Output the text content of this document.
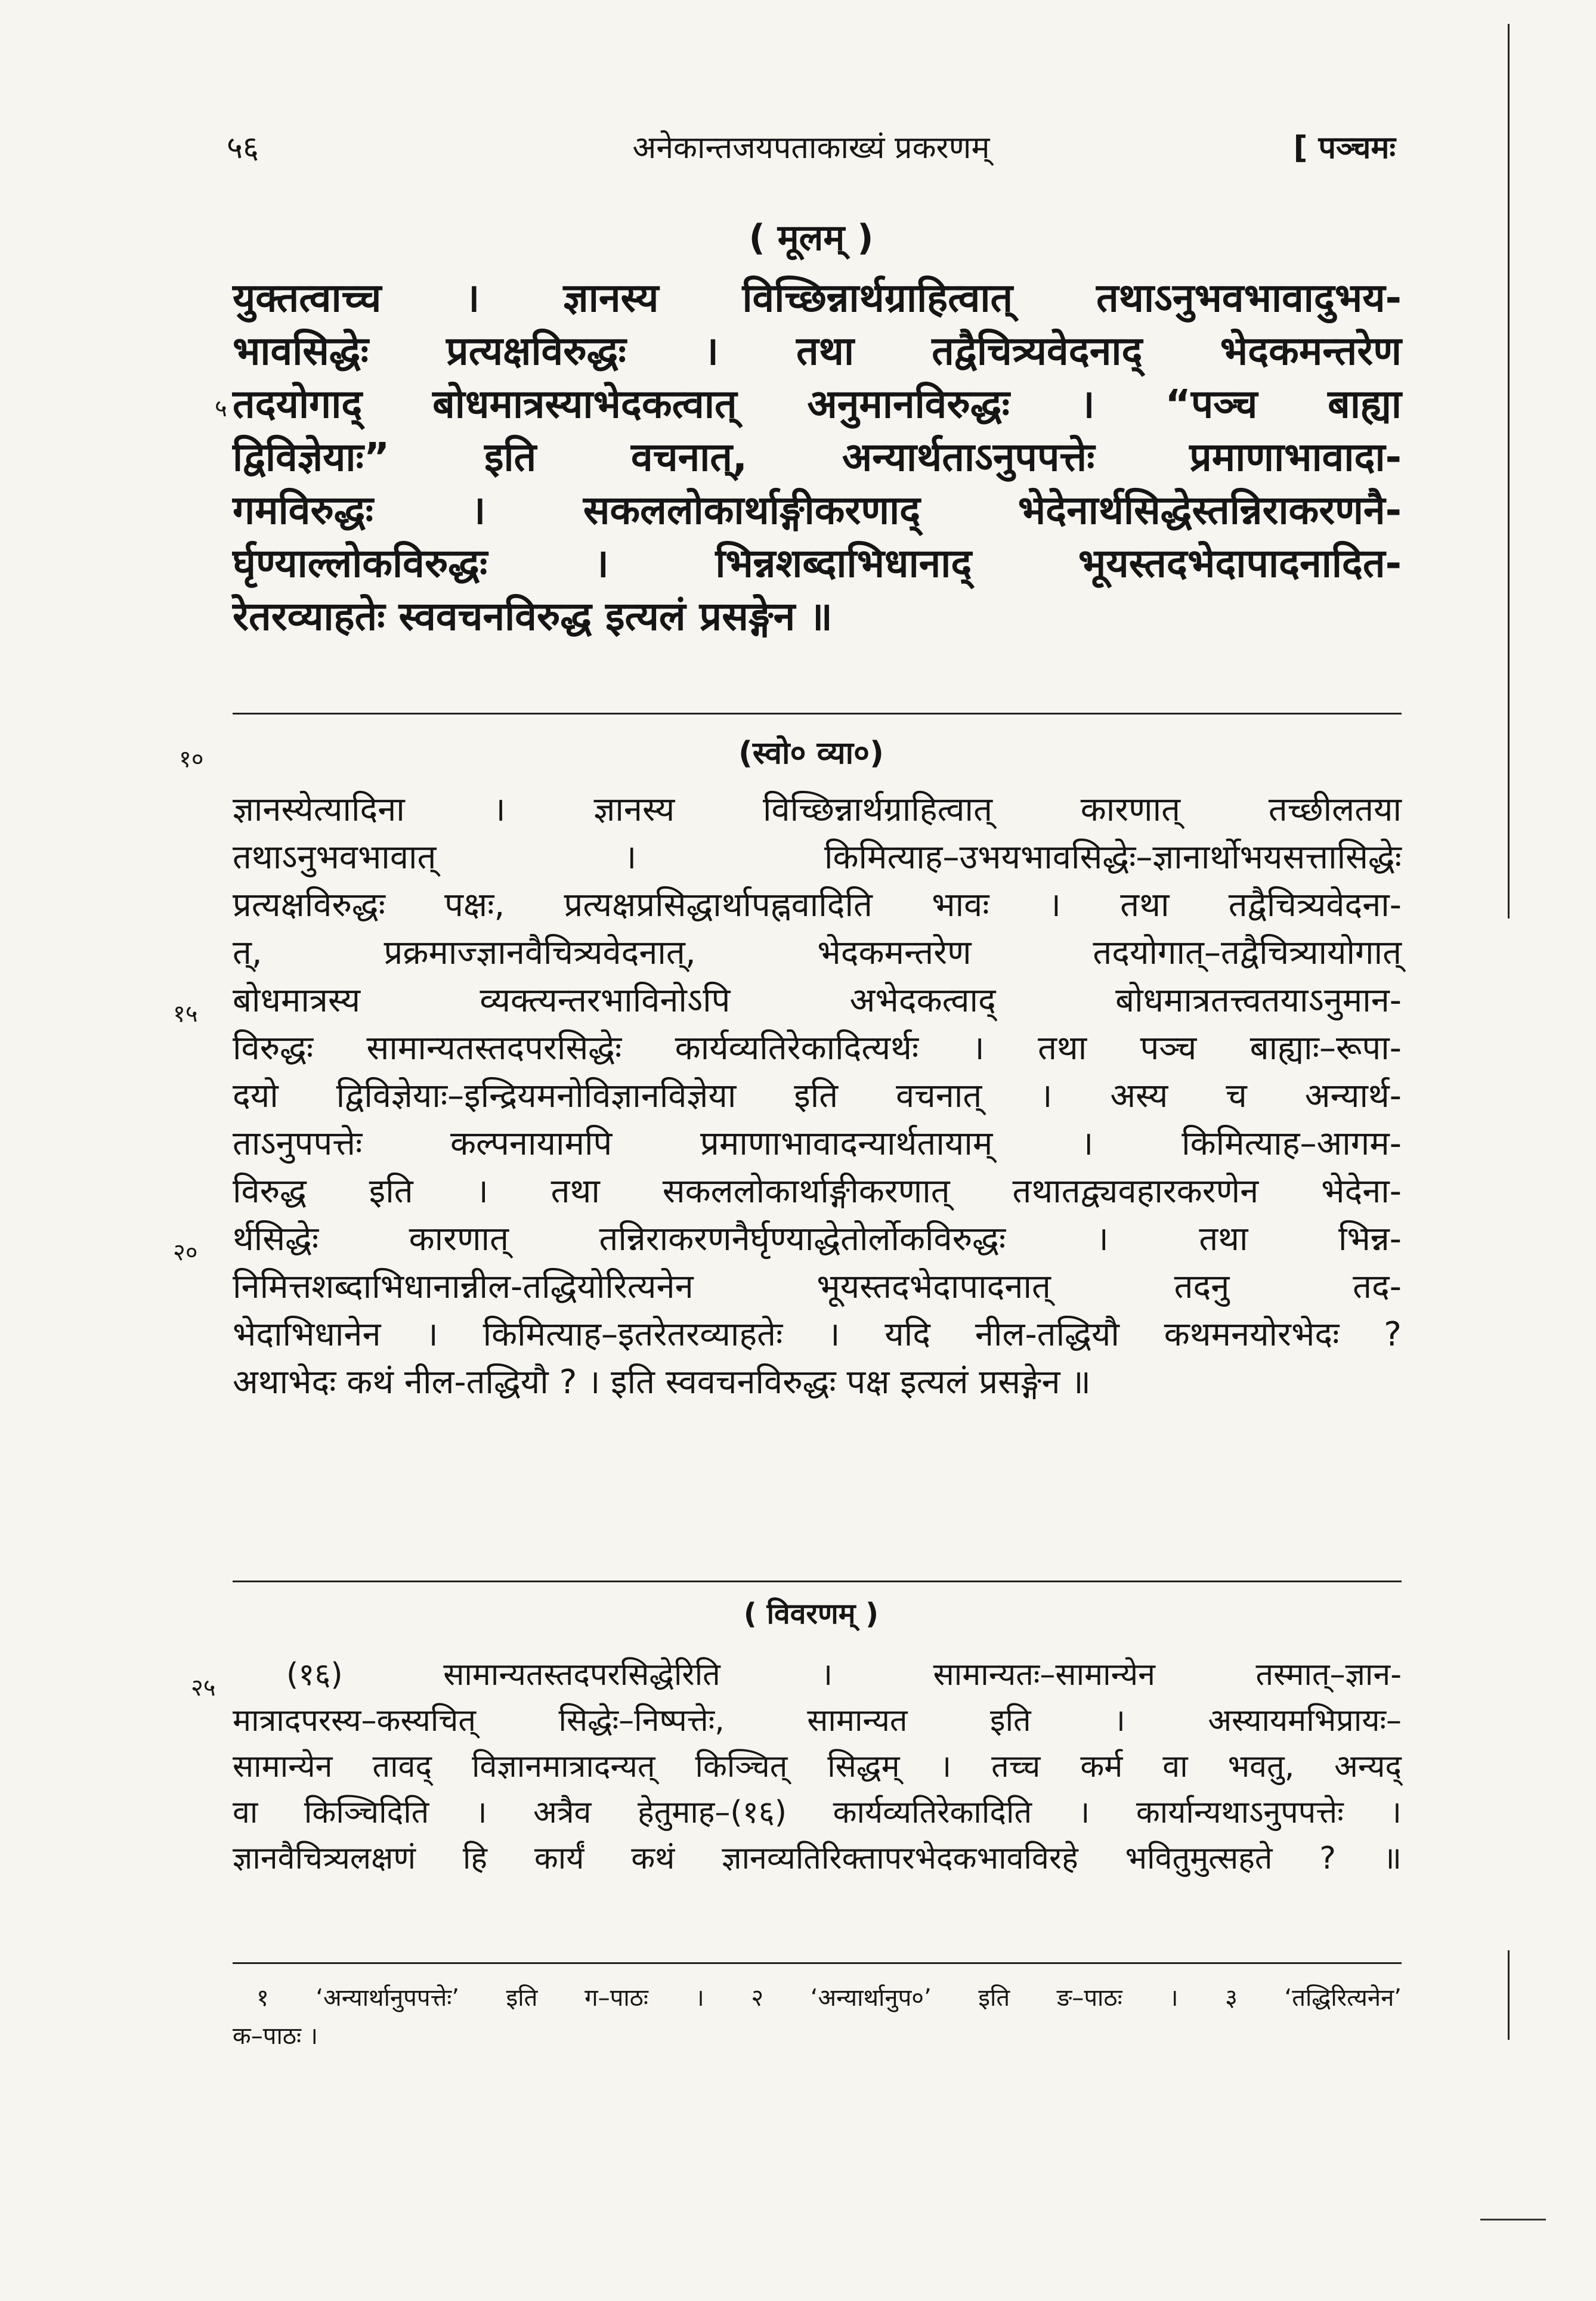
५६	अनेकान्तजयपताकाख्यं प्रकरणम्	[ पञ्चमः
( मूलम् )
युक्तत्वाच्च । ज्ञानस्य विच्छिन्नार्थग्राहित्वात् तथाऽनुभवभावादुभय-
भावसिद्धेः प्रत्यक्षविरुद्धः । तथा तद्वैचित्र्यवेदनाद् भेदकमन्तरेण
५ तदयोगाद् बोधमात्रस्याभेदकत्वात् अनुमानविरुद्धः । “पञ्च बाह्या
द्विविज्ञेयाः” इति वचनात्, अन्यार्थताऽनुपपत्तेः प्रमाणाभावादा-
गमविरुद्धः । सकललोकार्थाङ्गीकरणाद् भेदेनार्थसिद्धेस्तन्निराकरणनै-
र्घृण्याल्लोकविरुद्धः । भिन्नशब्दाभिधानाद् भूयस्तदभेदापादनादित-
रेतरव्याहतेः स्ववचनविरुद्ध इत्यलं प्रसङ्गेन ॥
(स्वो० व्या०)
ज्ञानस्येत्यादिना । ज्ञानस्य विच्छिन्नार्थग्राहित्वात् कारणात् तच्छीलतया
तथाऽनुभवभावात् । किमित्याह–उभयभावसिद्धेः–ज्ञानार्थोभयसत्तासिद्धेः
प्रत्यक्षविरुद्धः पक्षः, प्रत्यक्षप्रसिद्धार्थापह्नवादिति भावः । तथा तद्वैचित्र्यवेदना-
त्, प्रक्रमाज्ज्ञानवैचित्र्यवेदनात्, भेदकमन्तरेण तदयोगात्–तद्वैचित्र्यायोगात्
१५ बोधमात्रस्य व्यक्त्यन्तरभाविनोऽपि अभेदकत्वाद् बोधमात्रतत्त्वतयाऽनुमान-
विरुद्धः सामान्यतस्तदपरसिद्धेः कार्यव्यतिरेकादित्यर्थः । तथा पञ्च बाह्याः–रूपा-
दयो द्विविज्ञेयाः–इन्द्रियमनोविज्ञानविज्ञेया इति वचनात् । अस्य च अन्यार्थ-
ताऽनुपपत्तेः कल्पनायामपि प्रमाणाभावादन्यार्थतायाम् । किमित्याह–आगम-
विरुद्ध इति । तथा सकललोकार्थाङ्गीकरणात् तथातद्व्यवहारकरणेन भेदेना-
२० र्थसिद्धेः कारणात् तन्निराकरणनैर्घृण्याद्धेतोर्लोकविरुद्धः । तथा भिन्न-
निमित्तशब्दाभिधानान्नील-तद्धियोरित्यनेन भूयस्तदभेदापादनात् तदनु तद-
भेदाभिधानेन । किमित्याह–इतरेतरव्याहतेः । यदि नील-तद्धियौ कथमनयोरभेदः ?
अथाभेदः कथं नील-तद्धियौ ? । इति स्ववचनविरुद्धः पक्ष इत्यलं प्रसङ्गेन ॥
१०
( विवरणम् )
२५ (१६) सामान्यतस्तदपरसिद्धेरिति । सामान्यतः–सामान्येन तस्मात्–ज्ञान-
मात्रादपरस्य–कस्यचित् सिद्धेः–निष्पत्तेः, सामान्यत इति । अस्यायमभिप्रायः–
सामान्येन तावद् विज्ञानमात्रादन्यत् किञ्चित् सिद्धम् । तच्च कर्म वा भवतु, अन्यद्
वा किञ्चिदिति । अत्रैव हेतुमाह–(१६) कार्यव्यतिरेकादिति । कार्यान्यथाऽनुपपत्तेः ।
ज्ञानवैचित्र्यलक्षणं हि कार्यं कथं ज्ञानव्यतिरिक्तापरभेदकभावविरहे भवितुमुत्सहते ? ॥
१ ‘अन्यार्थानुपपत्तेः’ इति ग–पाठः । २ ‘अन्यार्थानुप०’ इति ङ–पाठः । ३ ‘तद्धिरित्यनेन’
क–पाठः ।
